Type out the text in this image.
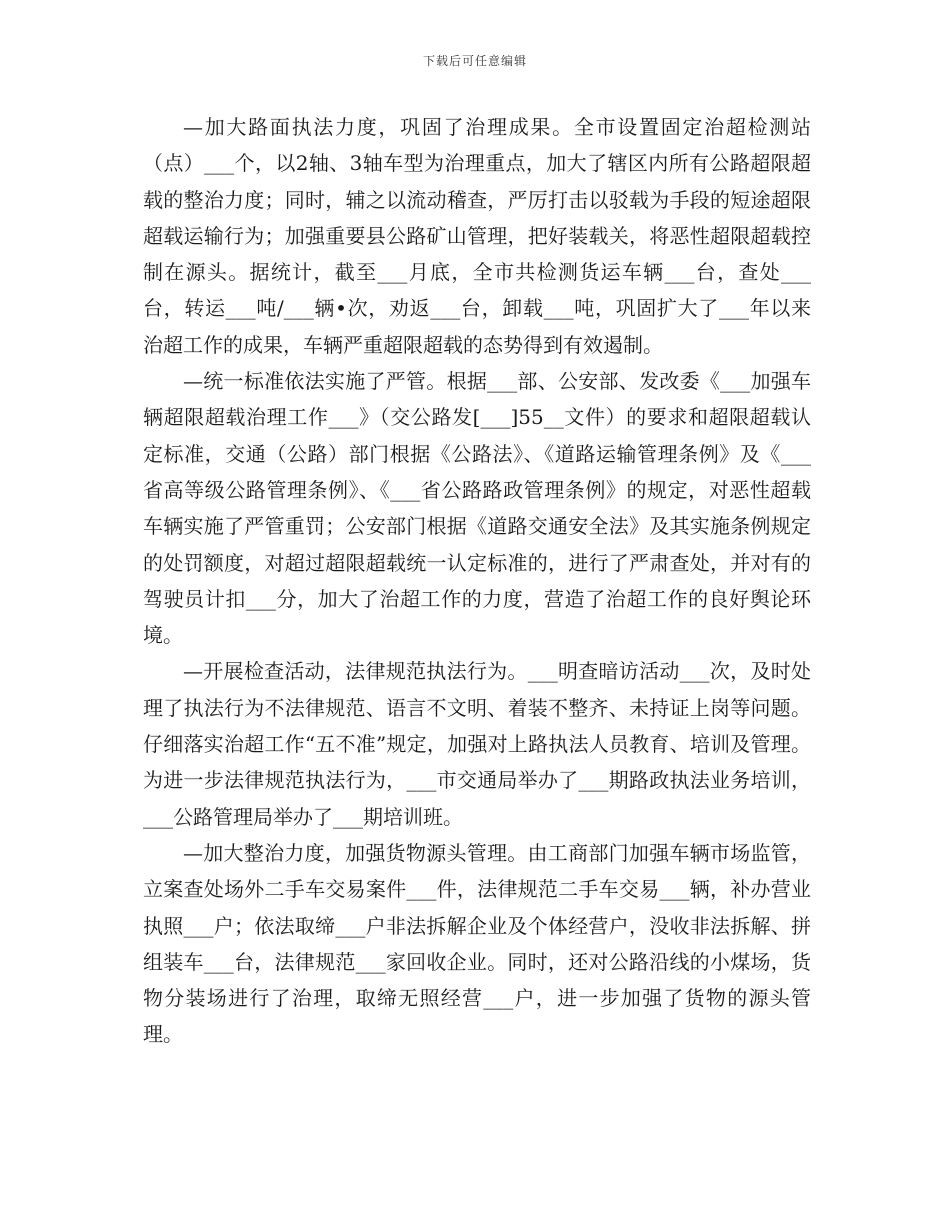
下载后可任意编辑

—加大路面执法力度，巩固了治理成果。全市设置固定治超检测站（点）___个，以2轴、3轴车型为治理重点，加大了辖区内所有公路超限超载的整治力度；同时，辅之以流动稽查，严厉打击以驳载为手段的短途超限超载运输行为；加强重要县公路矿山管理，把好装载关，将恶性超限超载控制在源头。据统计，截至___月底，全市共检测货运车辆___台，查处___台，转运___吨/___辆•次，劝返___台，卸载___吨，巩固扩大了___年以来治超工作的成果，车辆严重超限超载的态势得到有效遏制。

—统一标准依法实施了严管。根据___部、公安部、发改委《___加强车辆超限超载治理工作___》（交公路发[___]55__文件）的要求和超限超载认定标准，交通（公路）部门根据《公路法》、《道路运输管理条例》及《___省高等级公路管理条例》、《___省公路路政管理条例》的规定，对恶性超载车辆实施了严管重罚；公安部门根据《道路交通安全法》及其实施条例规定的处罚额度，对超过超限超载统一认定标准的，进行了严肃查处，并对有的驾驶员计扣___分，加大了治超工作的力度，营造了治超工作的良好舆论环境。

—开展检查活动，法律规范执法行为。___明查暗访活动___次，及时处理了执法行为不法律规范、语言不文明、着装不整齐、未持证上岗等问题。仔细落实治超工作“五不准”规定，加强对上路执法人员教育、培训及管理。为进一步法律规范执法行为，___市交通局举办了___期路政执法业务培训，___公路管理局举办了___期培训班。

—加大整治力度，加强货物源头管理。由工商部门加强车辆市场监管，立案查处场外二手车交易案件___件，法律规范二手车交易___辆，补办营业执照___户；依法取缔___户非法拆解企业及个体经营户，没收非法拆解、拼组装车___台，法律规范___家回收企业。同时，还对公路沿线的小煤场，货物分装场进行了治理，取缔无照经营___户，进一步加强了货物的源头管理。
